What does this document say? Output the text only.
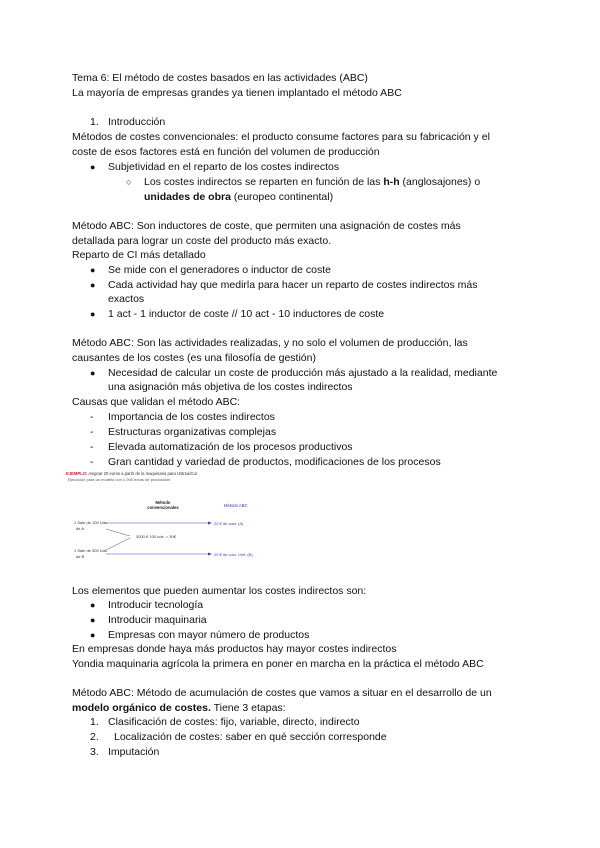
Tema 6: El método de costes basados en las actividades (ABC)
La mayoría de empresas grandes ya tienen implantado el método ABC
1. Introducción
Métodos de costes convencionales: el producto consume factores para su fabricación y el
coste de esos factores está en función del volumen de producción
● Subjetividad en el reparto de los costes indirectos
○ Los costes indirectos se reparten en función de las h-h (anglosajones) o
unidades de obra (europeo continental)
Método ABC: Son inductores de coste, que permiten una asignación de costes más
detallada para lograr un coste del producto más exacto.
Reparto de CI más detallado
● Se mide con el generadores o inductor de coste
● Cada actividad hay que medirla para hacer un reparto de costes indirectos más
exactos
● 1 act - 1 inductor de coste // 10 act - 10 inductores de coste
Método ABC: Son las actividades realizadas, y no solo el volumen de producción, las
causantes de los costes (es una filosofía de gestión)
● Necesidad de calcular un coste de producción más ajustado a la realidad, mediante
una asignación más objetiva de los costes indirectos
Causas que validan el método ABC:
- Importancia de los costes indirectos
- Estructuras organizativas complejas
- Elevada automatización de los procesos productivos
- Gran cantidad y variedad de productos, modificaciones de los procesos
EJEMPLO: Asignar 20 euros a partir de la maquinaria para Ustrea/Cur
Ejecución para un modelo con 1.000 horas de producción
Método
convencionales	Método ABC
1 Sale de 100 Uds
de A
20 € de cost. (A)
3000 € 100 uds. = 30€
1 Sale de 300 Uds
de B	20 € de cost. Unit. (B)
Los elementos que pueden aumentar los costes indirectos son:
● Introducir tecnología
● Introducir maquinaria
● Empresas con mayor número de productos
En empresas donde haya más productos hay mayor costes indirectos
Yondia maquinaria agrícola la primera en poner en marcha en la práctica el método ABC
Método ABC: Método de acumulación de costes que vamos a situar en el desarrollo de un
modelo orgánico de costes. Tiene 3 etapas:
1. Clasificación de costes: fijo, variable, directo, indirecto
2. Localización de costes: saber en qué sección corresponde
3. Imputación
